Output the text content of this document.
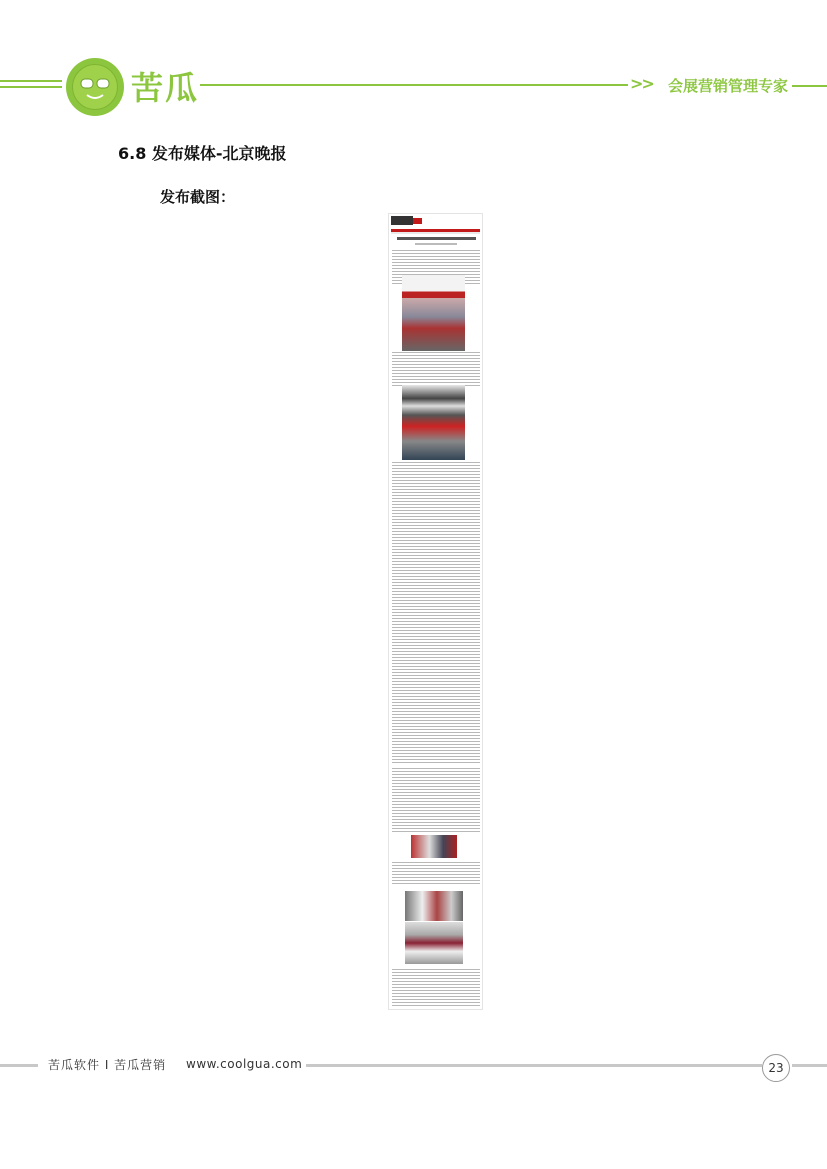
苦瓜	>> 会展营销管理专家
6.8 发布媒体-北京晚报
发布截图：
苦瓜软件 I 苦瓜营销 www.coolgua.com	23
